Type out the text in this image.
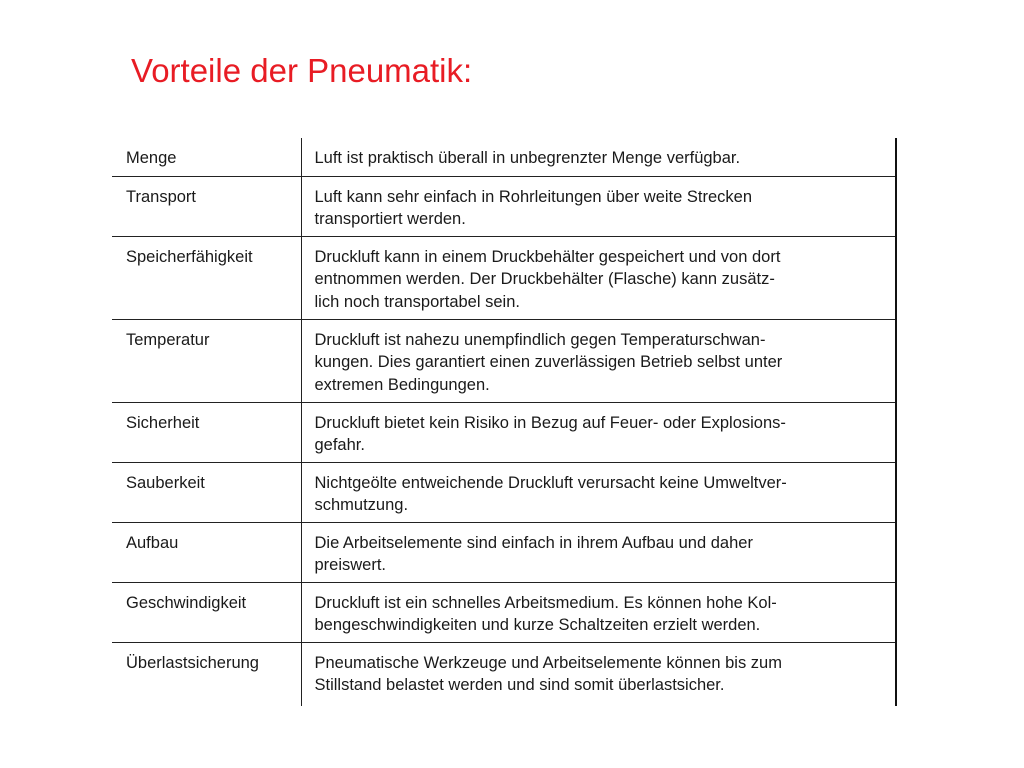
Vorteile der Pneumatik:
Menge	Luft ist praktisch überall in unbegrenzter Menge verfügbar.

Transport	Luft kann sehr einfach in Rohrleitungen über weite Strecken
transportiert werden.

Speicherfähigkeit	Druckluft kann in einem Druckbehälter gespeichert und von dort
entnommen werden. Der Druckbehälter (Flasche) kann zusätz-
lich noch transportabel sein.

Temperatur	Druckluft ist nahezu unempfindlich gegen Temperaturschwan-
kungen. Dies garantiert einen zuverlässigen Betrieb selbst unter
extremen Bedingungen.

Sicherheit	Druckluft bietet kein Risiko in Bezug auf Feuer- oder Explosions-
gefahr.

Sauberkeit	Nichtgeölte entweichende Druckluft verursacht keine Umweltver-
schmutzung.

Aufbau	Die Arbeitselemente sind einfach in ihrem Aufbau und daher
preiswert.

Geschwindigkeit	Druckluft ist ein schnelles Arbeitsmedium. Es können hohe Kol-
bengeschwindigkeiten und kurze Schaltzeiten erzielt werden.

Überlastsicherung	Pneumatische Werkzeuge und Arbeitselemente können bis zum
Stillstand belastet werden und sind somit überlastsicher.
